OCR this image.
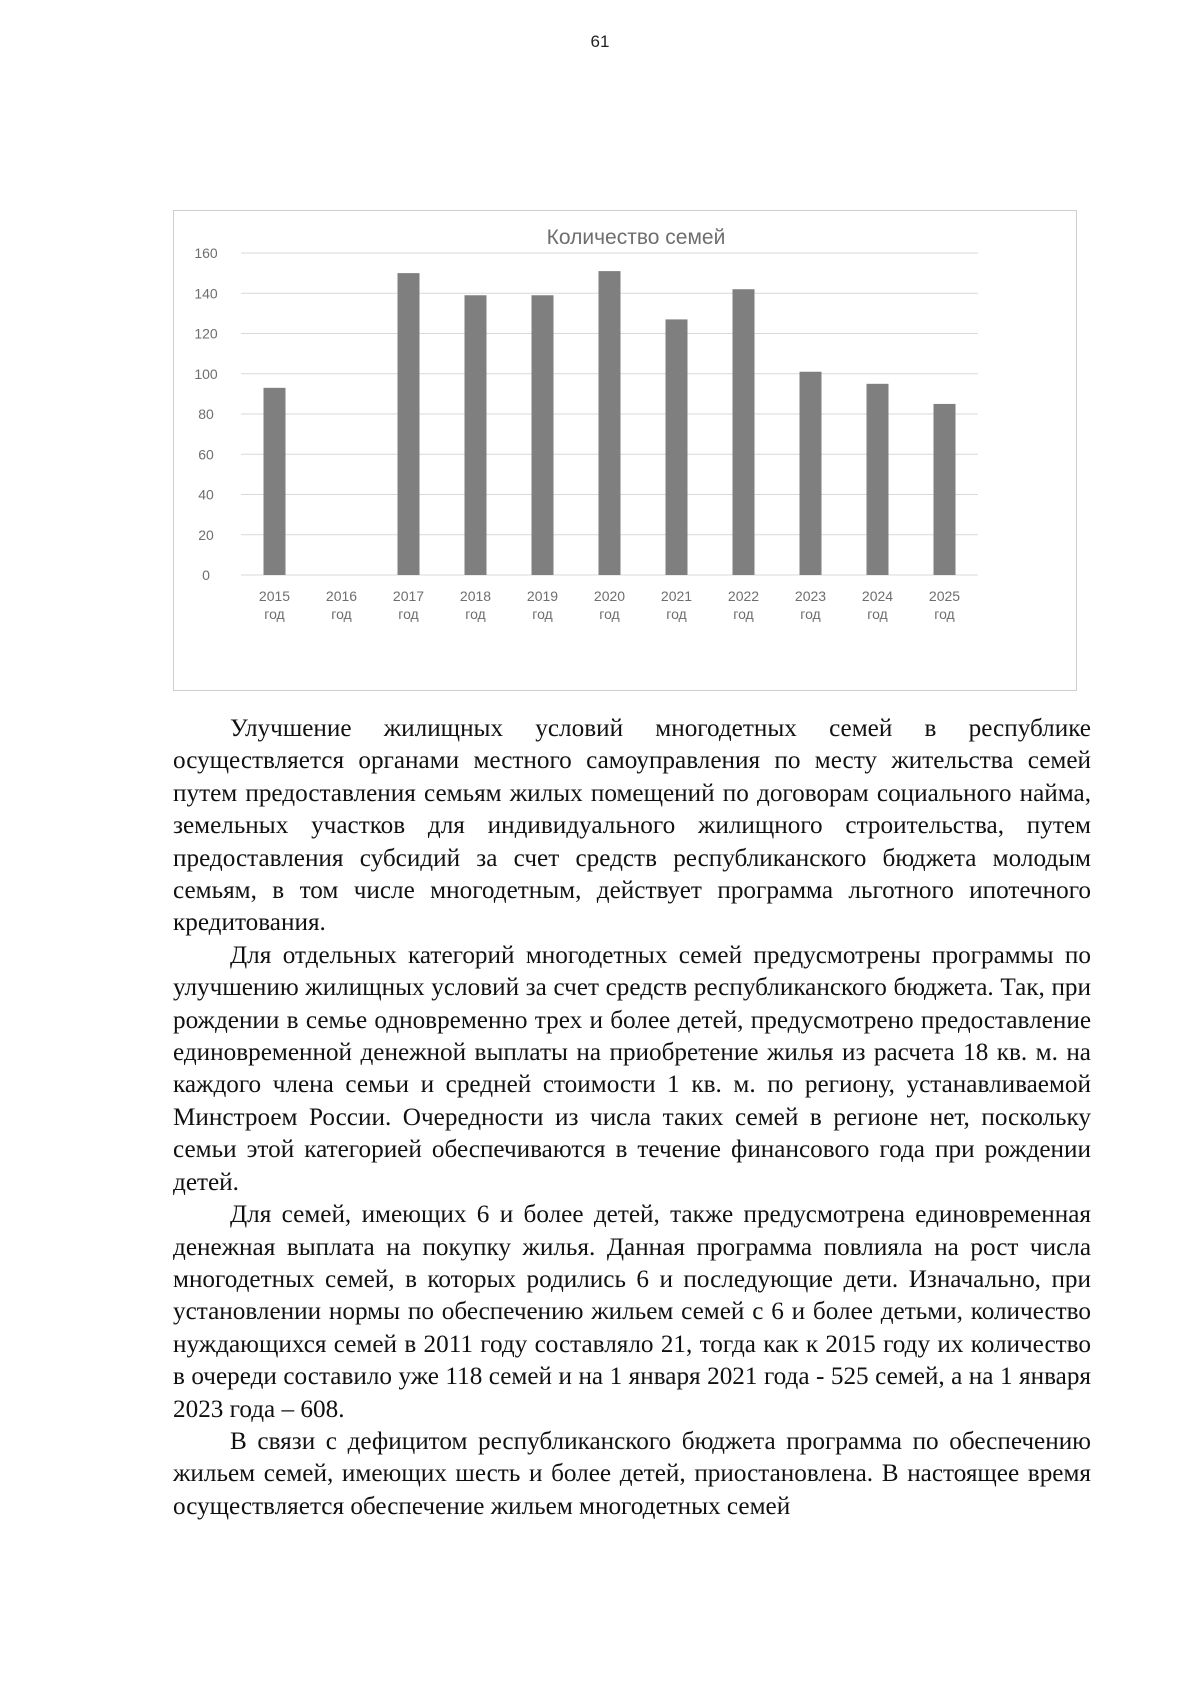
61
Количество семей
0
20
40
60
80
100
120
140
160
2015
год
2016
год
2017
год
2018
год
2019
год
2020
год
2021
год
2022
год
2023
год
2024
год
2025
год

Улучшение жилищных условий многодетных семей в республике осуществляется органами местного самоуправления по месту жительства семей путем предоставления семьям жилых помещений по договорам социального найма, земельных участков для индивидуального жилищного строительства, путем предоставления субсидий за счет средств республиканского бюджета молодым семьям, в том числе многодетным, действует программа льготного ипотечного кредитования.

Для отдельных категорий многодетных семей предусмотрены программы по улучшению жилищных условий за счет средств республиканского бюджета. Так, при рождении в семье одновременно трех и более детей, предусмотрено предоставление единовременной денежной выплаты на приобретение жилья из расчета 18 кв. м. на каждого члена семьи и средней стоимости 1 кв. м. по региону, устанавливаемой Минстроем России. Очередности из числа таких семей в регионе нет, поскольку семьи этой категорией обеспечиваются в течение финансового года при рождении детей.

Для семей, имеющих 6 и более детей, также предусмотрена единовременная денежная выплата на покупку жилья. Данная программа повлияла на рост числа многодетных семей, в которых родились 6 и последующие дети. Изначально, при установлении нормы по обеспечению жильем семей с 6 и более детьми, количество нуждающихся семей в 2011 году составляло 21, тогда как к 2015 году их количество в очереди составило уже 118 семей и на 1 января 2021 года - 525 семей, а на 1 января 2023 года – 608.

В связи с дефицитом республиканского бюджета программа по обеспечению жильем семей, имеющих шесть и более детей, приостановлена. В настоящее время осуществляется обеспечение жильем многодетных семей
